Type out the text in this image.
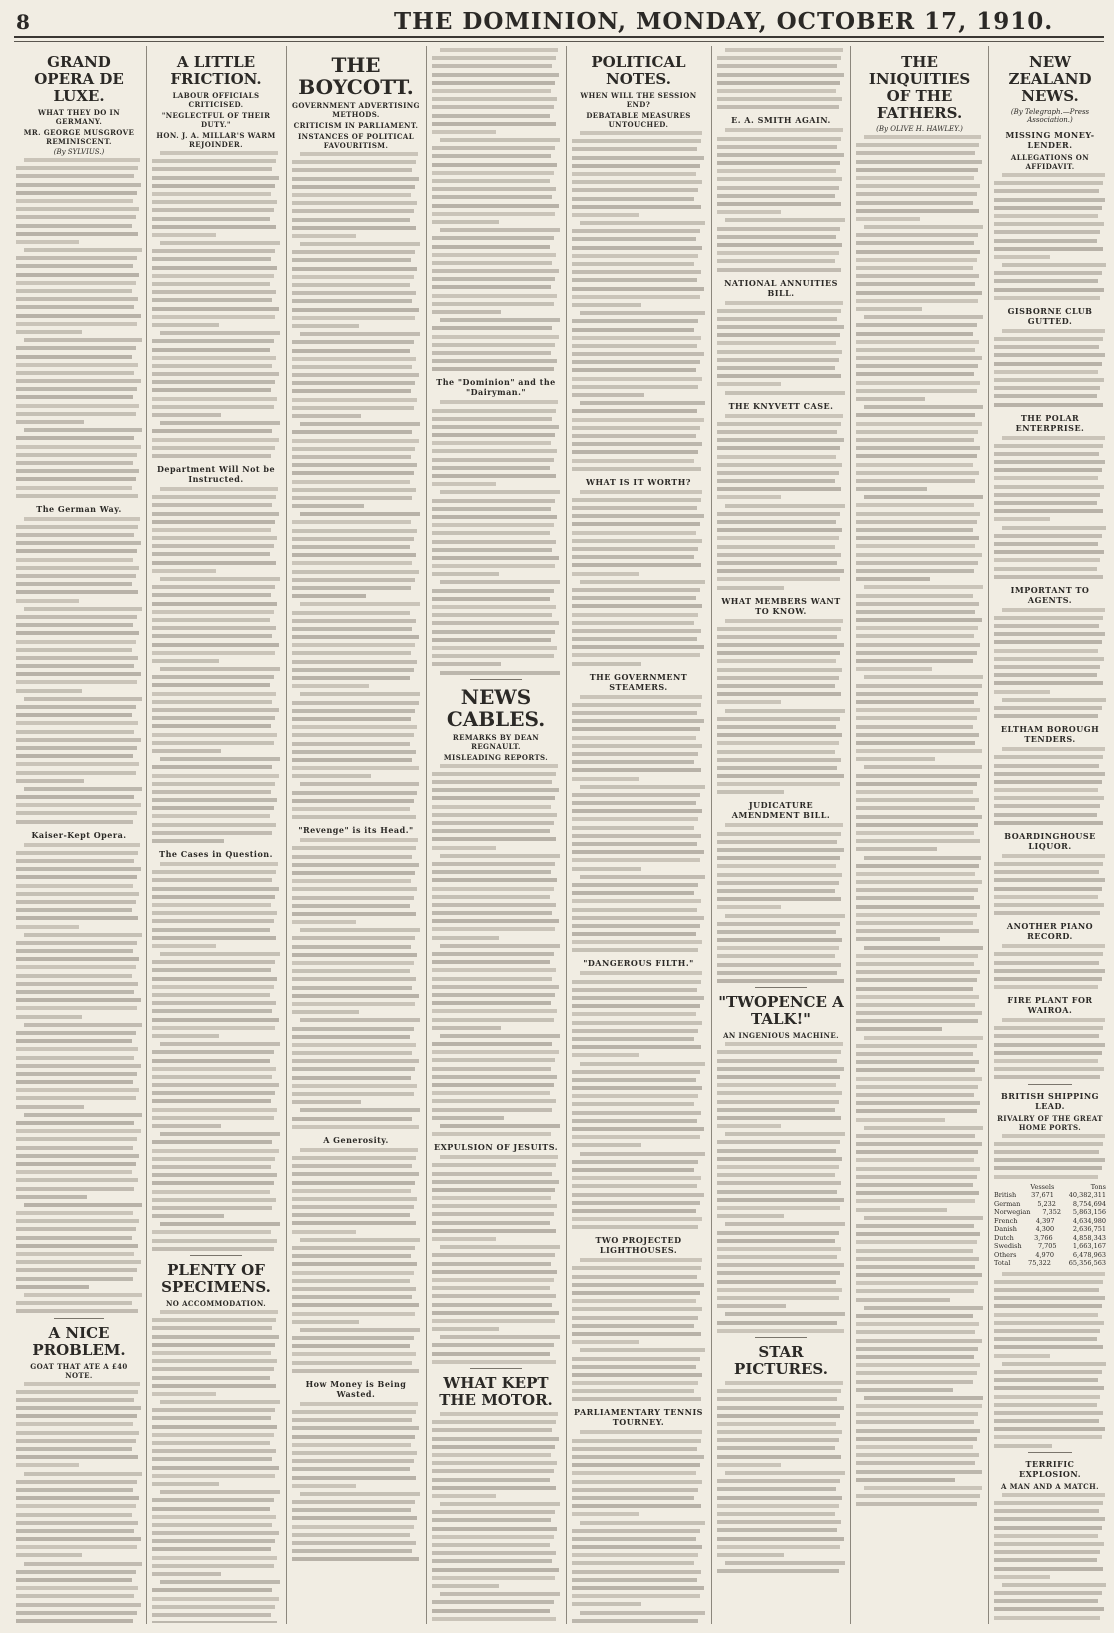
8	THE DOMINION, MONDAY, OCTOBER 17, 1910.
GRAND OPERA DE LUXE.
WHAT THEY DO IN GERMANY.
MR. GEORGE MUSGROVE REMINISCENT.
(By SYLVIUS.)
The German Way.
Kaiser-Kept Opera.
A NICE PROBLEM.
GOAT THAT ATE A £40 NOTE.
A LITTLE FRICTION.
LABOUR OFFICIALS CRITICISED.
"NEGLECTFUL OF THEIR DUTY."
HON. J. A. MILLAR'S WARM REJOINDER.
Department Will Not be Instructed.
The Cases in Question.
PLENTY OF SPECIMENS.
NO ACCOMMODATION.
THE BOYCOTT.
GOVERNMENT ADVERTISING METHODS.
CRITICISM IN PARLIAMENT.
INSTANCES OF POLITICAL FAVOURITISM.
"Revenge" is its Head."
A Generosity.
How Money is Being Wasted.
The "Dominion" and the "Dairyman."
NEWS CABLES.
REMARKS BY DEAN REGNAULT.
MISLEADING REPORTS.
EXPULSION OF JESUITS.
WHAT KEPT THE MOTOR.
POLITICAL NOTES.
WHEN WILL THE SESSION END?
DEBATABLE MEASURES UNTOUCHED.
WHAT IS IT WORTH?
THE GOVERNMENT STEAMERS.
"DANGEROUS FILTH."
TWO PROJECTED LIGHTHOUSES.
PARLIAMENTARY TENNIS TOURNEY.
E. A. SMITH AGAIN.
NATIONAL ANNUITIES BILL.
THE KNYVETT CASE.
WHAT MEMBERS WANT TO KNOW.
JUDICATURE AMENDMENT BILL.
"TWOPENCE A TALK!"
AN INGENIOUS MACHINE.
STAR PICTURES.
THE INIQUITIES OF THE FATHERS.
(By OLIVE H. HAWLEY.)
NEW ZEALAND NEWS.
(By Telegraph.—Press Association.)
MISSING MONEY-LENDER.
ALLEGATIONS ON AFFIDAVIT.
GISBORNE CLUB GUTTED.
THE POLAR ENTERPRISE.
IMPORTANT TO AGENTS.
ELTHAM BOROUGH TENDERS.
BOARDINGHOUSE LIQUOR.
ANOTHER PIANO RECORD.
FIRE PLANT FOR WAIROA.
BRITISH SHIPPING LEAD.
RIVALRY OF THE GREAT HOME PORTS.
Vessels	Tons
British 37,671 40,382,311
German	5,232	8,754,694
Norwegian 7,352 5,863,156
French	4,397	4,634,980
Danish	4,300	2,636,751
Dutch	3,766	4,858,343
Swedish	7,705	1,663,167
Others	4,970	6,478,963
Total	75,322	65,356,563
TERRIFIC EXPLOSION.
A MAN AND A MATCH.
